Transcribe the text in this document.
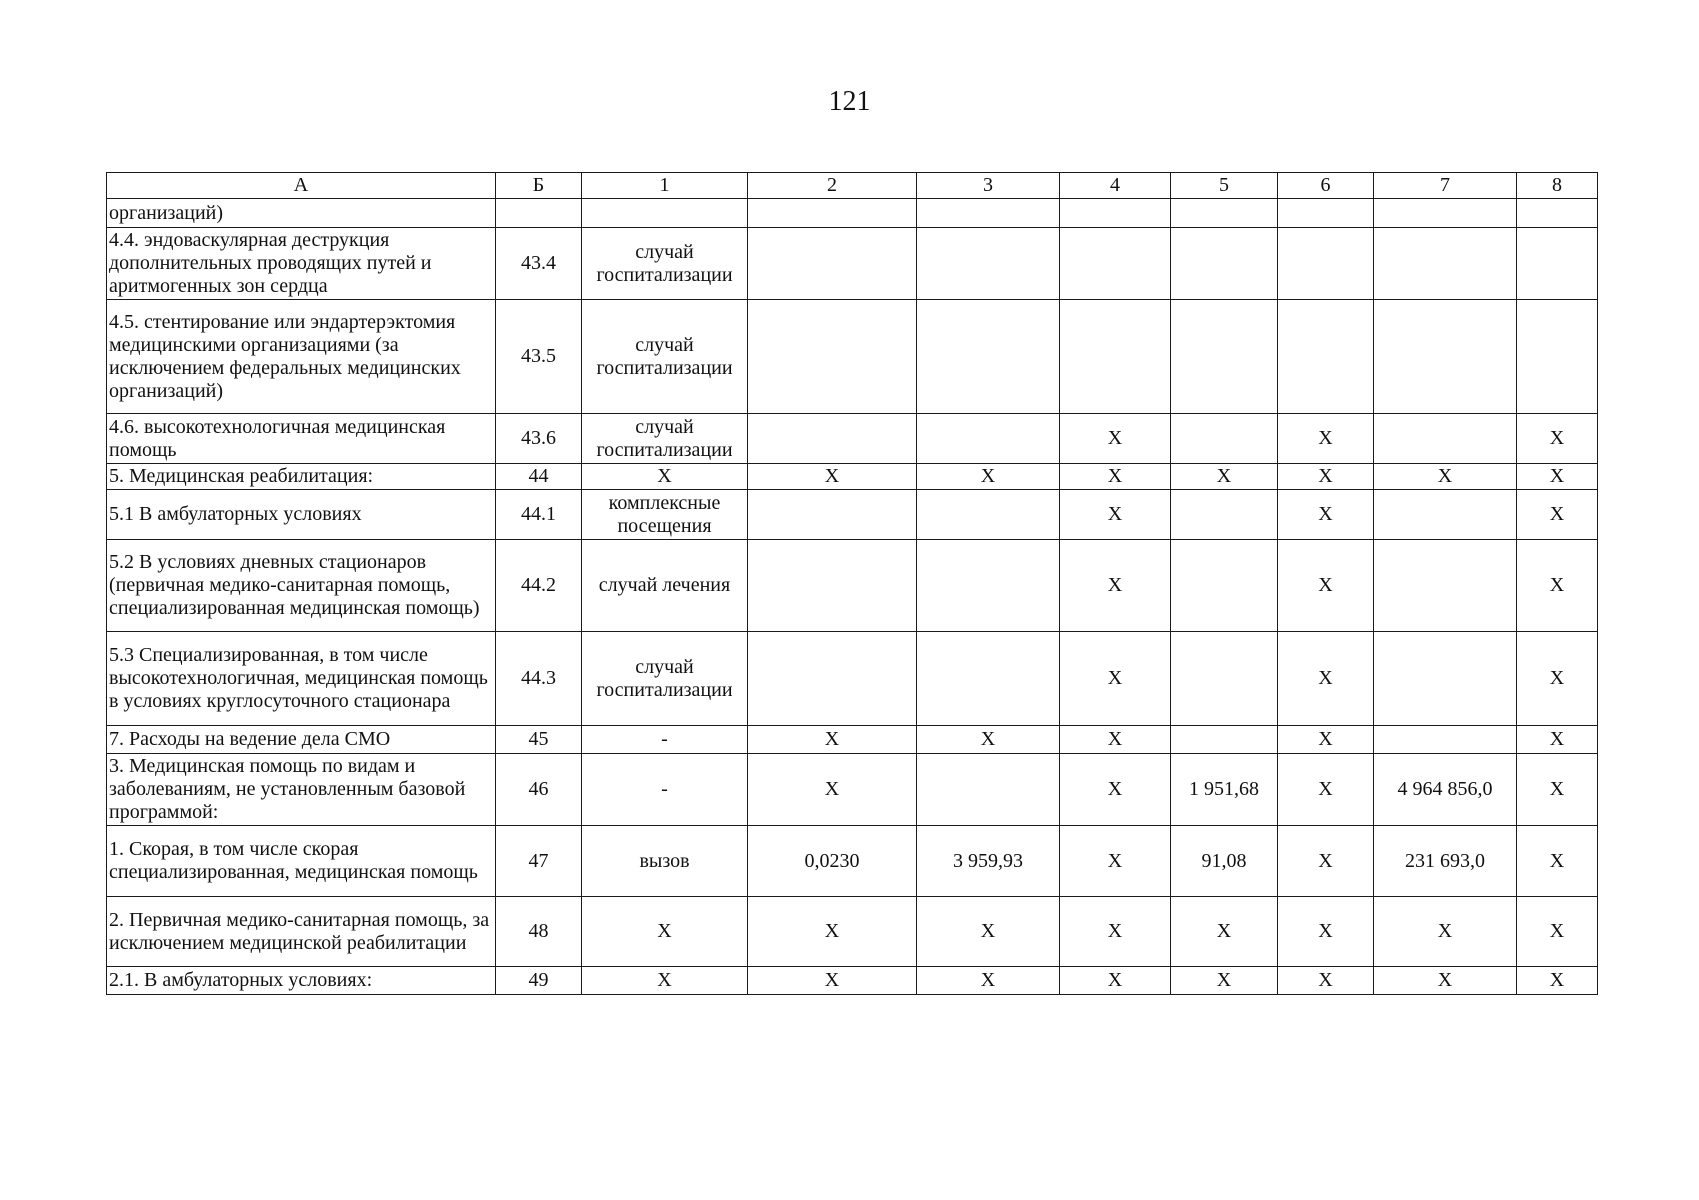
121
А	Б	1	2	3	4	5	6	7	8
организаций)									
4.4. эндоваскулярная деструкция дополнительных проводящих путей и аритмогенных зон сердца	43.4	случай госпитализации							
4.5. стентирование или эндартерэктомия медицинскими организациями (за исключением федеральных медицинских организаций)	43.5	случай госпитализации							
4.6. высокотехнологичная медицинская помощь	43.6	случай госпитализации			X		X		X
5. Медицинская реабилитация:	44	X	X	X	X	X	X	X	X
5.1 В амбулаторных условиях	44.1	комплексные посещения			X		X		X
5.2 В условиях дневных стационаров (первичная медико-санитарная помощь, специализированная медицинская помощь)	44.2	случай лечения			X		X		X
5.3 Специализированная, в том числе высокотехнологичная, медицинская помощь в условиях круглосуточного стационара	44.3	случай госпитализации			X		X		X
7. Расходы на ведение дела СМО	45	-	X	X	X		X		X
3. Медицинская помощь по видам и заболеваниям, не установленным базовой программой:	46	-	X		X	1 951,68	X	4 964 856,0	X
1. Скорая, в том числе скорая специализированная, медицинская помощь	47	вызов	0,0230	3 959,93	X	91,08	X	231 693,0	X
2. Первичная медико-санитарная помощь, за исключением медицинской реабилитации	48	X	X	X	X	X	X	X	X
2.1. В амбулаторных условиях:	49	X	X	X	X	X	X	X	X
